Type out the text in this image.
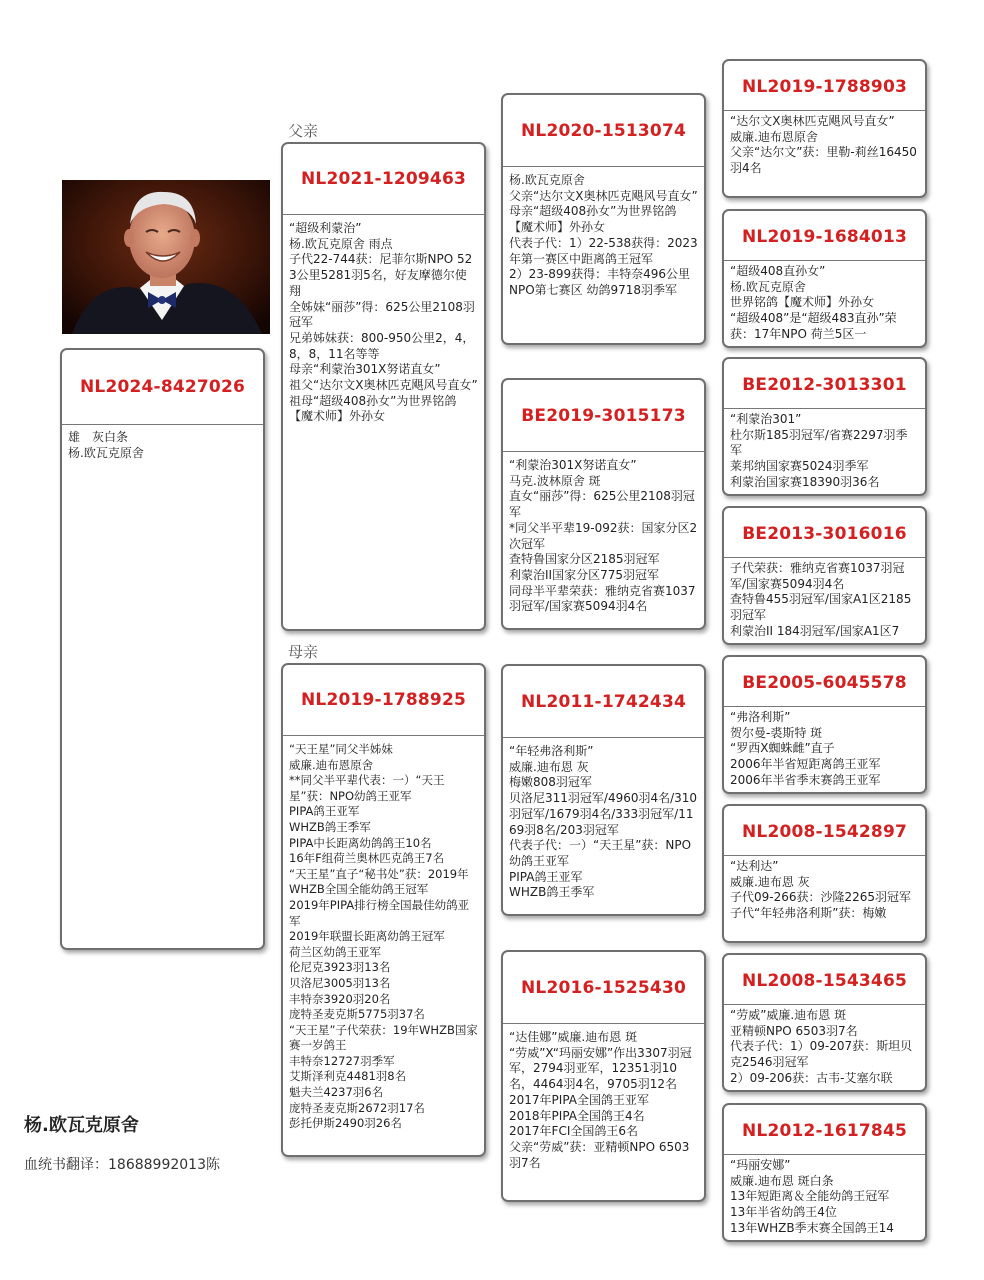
父亲
母亲
NL2024-8427026
雄　灰白条
杨.欧瓦克原舍
NL2021-1209463
“超级利蒙治”
杨.欧瓦克原舍 雨点
子代22-744获：尼菲尔斯NPO 523公里5281羽5名，好友摩德尔使翔
全姊妹“丽莎”得：625公里2108羽冠军
兄弟姊妹获：800-950公里2，4，8，8，11名等等
母亲“利蒙治301X努诺直女”
祖父“达尔文X奥林匹克飓风号直女”
祖母“超级408孙女”为世界铭鸽【魔术师】外孙女
NL2019-1788925
“天王星”同父半姊妹
威廉.迪布恩原舍
**同父半平辈代表：一）“天王星”获：NPO幼鸽王亚军
PIPA鸽王亚军
WHZB鸽王季军
PIPA中长距离幼鸽鸽王10名
16年F组荷兰奥林匹克鸽王7名
“天王星”直子“秘书处”获：2019年WHZB全国全能幼鸽王冠军
2019年PIPA排行榜全国最佳幼鸽亚军
2019年联盟长距离幼鸽王冠军
荷兰区幼鸽王亚军
伦尼克3923羽13名
贝洛尼3005羽13名
丰特奈3920羽20名
庞特圣麦克斯5775羽37名
“天王星”子代荣获：19年WHZB国家赛一岁鸽王
丰特奈12727羽季军
艾斯泽利克4481羽8名
魁夫兰4237羽6名
庞特圣麦克斯2672羽17名
彭托伊斯2490羽26名
NL2020-1513074
杨.欧瓦克原舍
父亲“达尔文X奥林匹克飓风号直女”
母亲“超级408孙女”为世界铭鸽【魔术师】外孙女
代表子代：1）22-538获得：2023年第一赛区中距离鸽王冠军
2）23-899获得：丰特奈496公里 NPO第七赛区 幼鸽9718羽季军
BE2019-3015173
“利蒙治301X努诺直女”
马克.波林原舍 斑
直女“丽莎”得：625公里2108羽冠军
*同父半平辈19-092获：国家分区2次冠军
查特鲁国家分区2185羽冠军
利蒙治II国家分区775羽冠军
同母半平辈荣获：雅纳克省赛1037羽冠军/国家赛5094羽4名
NL2011-1742434
“年轻弗洛利斯”
威廉.迪布恩 灰
梅嫩808羽冠军
贝洛尼311羽冠军/4960羽4名/310羽冠军/1679羽4名/333羽冠军/1169羽8名/203羽冠军
代表子代：一）“天王星”获：NPO幼鸽王亚军
PIPA鸽王亚军
WHZB鸽王季军
NL2016-1525430
“达佳娜”威廉.迪布恩 斑
“劳威”X“玛丽安娜”作出3307羽冠军，2794羽亚军，12351羽10名，4464羽4名，9705羽12名
2017年PIPA全国鸽王亚军
2018年PIPA全国鸽王4名
2017年FCI全国鸽王6名
父亲“劳威”获：亚精顿NPO 6503羽7名
NL2019-1788903
“达尔文X奥林匹克飓风号直女”
威廉.迪布恩原舍
父亲“达尔文”获：里勒-莉丝16450羽4名
NL2019-1684013
“超级408直孙女”
杨.欧瓦克原舍
世界铭鸽【魔术师】外孙女
“超级408”是“超级483直孙”荣获：17年NPO 荷兰5区一
BE2012-3013301
“利蒙治301”
杜尔斯185羽冠军/省赛2297羽季军
莱邦纳国家赛5024羽季军
利蒙治国家赛18390羽36名
BE2013-3016016
子代荣获：雅纳克省赛1037羽冠军/国家赛5094羽4名
查特鲁455羽冠军/国家A1区2185羽冠军
利蒙治II 184羽冠军/国家A1区7
BE2005-6045578
“弗洛利斯”
贺尔曼-裘斯特 斑
“罗西X蜘蛛雌”直子
2006年半省短距离鸽王亚军
2006年半省季末赛鸽王亚军
NL2008-1542897
“达利达”
威廉.迪布恩 灰
子代09-266获：沙隆2265羽冠军
子代“年轻弗洛利斯”获：梅嫩
NL2008-1543465
“劳威”威廉.迪布恩 斑
亚精顿NPO 6503羽7名
代表子代：1）09-207获：斯坦贝克2546羽冠军
2）09-206获：古韦-艾塞尔联
NL2012-1617845
“玛丽安娜”
威廉.迪布恩 斑白条
13年短距离＆全能幼鸽王冠军
13年半省幼鸽王4位
13年WHZB季末赛全国鸽王14
杨.欧瓦克原舍
血统书翻译：18688992013陈
